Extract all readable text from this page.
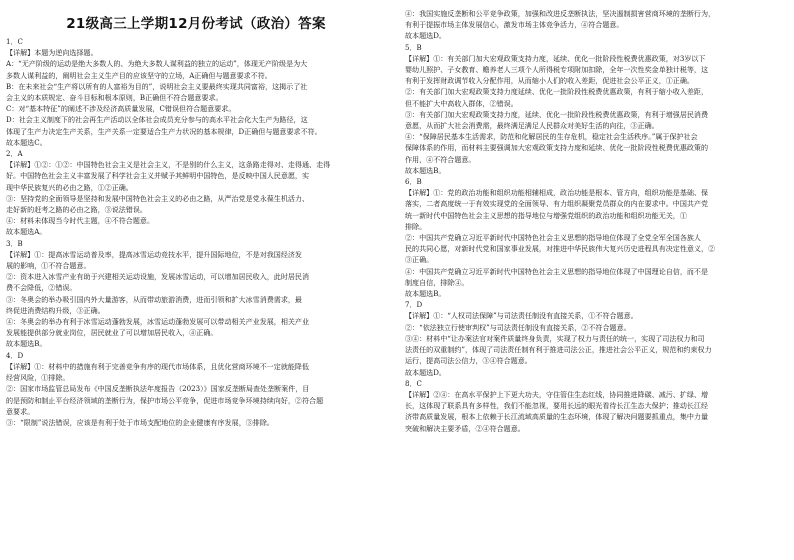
21级高三上学期12月份考试（政治）答案

1．C

【详解】本题为逆向选择题。

A：“无产阶级的运动是绝大多数人的、为绝大多数人谋利益的独立的运动”，体现无产阶级是为大

多数人谋利益的，阐明社会主义生产目的应该坚守的立场，A正确但与题意要求不符。

B：在未来社会“生产将以所有的人富裕为目的”，说明社会主义要最终实现共同富裕，这揭示了社

会主义的本质规定、奋斗目标和根本原则，B正确但不符合题意要求。

C：对“基本特征”的阐述不涉及经济高质量发展，C错误但符合题意要求。

D：社会主义制度下的社会再生产活动以全体社会成员充分参与的高水平社会化大生产为路径，这

体现了生产力决定生产关系，生产关系一定要适合生产力状况的基本规律，D正确但与题意要求不符。

故本题选C。

2．A

【详解】①②：①②：中国特色社会主义是社会主义，不是别的什么主义，这条路走得对、走得通、走得

好。中国特色社会主义丰富发展了科学社会主义并赋予其鲜明中国特色，是反映中国人民意愿，实

现中华民族复兴的必由之路，①②正确。

③：坚持党的全面领导是坚持和发展中国特色社会主义的必由之路，从严治党是党永葆生机活力、

走好新的赶考之路的必由之路，③说法错误。

④：材料未体现当今时代主题，④不符合题意。

故本题选A。

3．B

【详解】①：提高冰雪运动普及率，提高冰雪运动竞技水平，提升国际地位，不是对我国经济发

展的影响，①不符合题意。

②：资本进入冰雪产业有助于兴建相关运动设施，发展冰雪运动，可以增加居民收入，此时居民消

费不会降低，②错误。

③：冬奥会的举办吸引国内外大量游客，从而带动旅游消费，进而引领和扩大冰雪消费需求，最

终促进消费结构升级，③正确。

④：冬奥会的举办有利于冰雪运动蓬勃发展，冰雪运动蓬勃发展可以带动相关产业发展，相关产业

发展能提供部分就业岗位，居民就业了可以增加居民收入，④正确。

故本题选B。

4．D

【详解】①：材料中的措施有利于完善竞争有序的现代市场体系，且优化营商环境不一定就能降低

经营风险，①排除。

②：国家市场监管总局发布《中国反垄断执法年度报告（2023）》国家反垄断局查处垄断案件，目

的是预防和制止平台经济领域的垄断行为，保护市场公平竞争，促进市场竞争环境持续向好，②符合题

意要求。

③：“限制”说法错误，应该是有利于处于市场支配地位的企业健康有序发展，③排除。

④：我国实施反垄断和公平竞争政策，加强和改进反垄断执法，坚决遏制损害营商环境的垄断行为，

有利于提振市场主体发展信心，激发市场主体竞争活力，④符合题意。

故本题选D。

5．B

【详解】①：有关部门加大宏观政策支持力度，延续、优化一批阶段性税费优惠政策，对3岁以下

婴幼儿照护、子女教育、赡养老人三项个人所得税专项附加扣除，全年一次性奖金单独计税等，这

有利于发挥财政调节收入分配作用，从而缩小人们的收入差距，促进社会公平正义，①正确。

②：有关部门加大宏观政策支持力度延续、优化一批阶段性税费优惠政策，有利于缩小收入差距，

但不能扩大中高收入群体，②错误。

③：有关部门加大宏观政策支持力度，延续、优化一批阶段性税费优惠政策，有利于增强居民消费

意愿，从而扩大社会消费需，最终满足满足人民群众对美好生活的向往，③正确。

④：“保障居民基本生活需求，防范和化解居民的生存危机，稳定社会生活秩序。”属于保护社会

保障体系的作用，而材料主要强调加大宏观政策支持力度和延续、优化一批阶段性税费优惠政策的

作用，④不符合题意。

故本题选B。

6．B

【详解】①：党的政治功能和组织功能相辅相成，政治功能是根本、管方向，组织功能是基础、保

落实，二者高度统一于有效实现党的全面领导、有力组织凝聚党员群众的内在要求中。中国共产党

统一新时代中国特色社会主义思想的指导地位与增强党组织的政治功能和组织功能无关，①

排除。

②：中国共产党确立习近平新时代中国特色社会主义思想的指导地位体现了全党全军全国各族人

民的共同心愿，对新时代党和国家事业发展，对推进中华民族伟大复兴历史进程具有决定性意义，②

③正确。

④：中国共产党确立习近平新时代中国特色社会主义思想的指导地位体现了中国理论自信，而不是

制度自信，排除④。

故本题选B。

7．D

【详解】①：“人权司法保障”与司法责任制没有直接关系，①不符合题意。

②：“依法独立行使审判权”与司法责任制没有直接关系，②不符合题意。

③④：材料中“让办案法官对案件质量终身负责，实现了权力与责任的统一，实现了司法权力和司

法责任的双重制约”，体现了司法责任制有利于推进司法公正，推进社会公平正义，规范和约束权力

运行，提高司法公信力，③④符合题意。

故本题选D。

8．C

【详解】②④：在高水平保护上下更大功夫，守住管住生态红线，协同推进降碳、减污、扩绿、增

长，这体现了联系具有多样性，我们不能忽视，要用长远的眼光看待长江生态大保护；推动长江经

济带高质量发展，根本上依赖于长江流域高质量的生态环境，体现了解决问题要抓重点，集中力量

突破和解决主要矛盾，②④符合题意。
